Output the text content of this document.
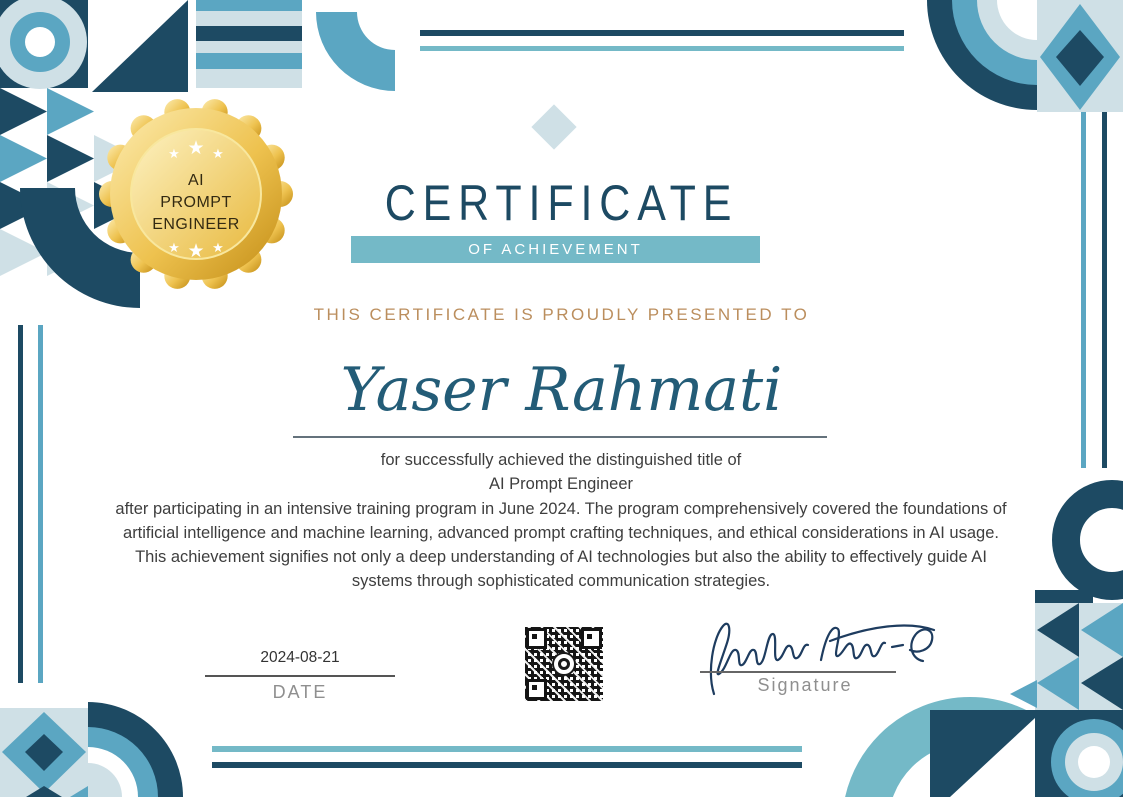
★ ★ ★
AI
PROMPT
ENGINEER
★ ★ ★
CERTIFICATE
OF ACHIEVEMENT
THIS CERTIFICATE IS PROUDLY PRESENTED TO
Yaser Rahmati

for successfully achieved the distinguished title of

AI Prompt Engineer

after participating in an intensive training program in June 2024. The program comprehensively covered the foundations of artificial intelligence and machine learning, advanced prompt crafting techniques, and ethical considerations in AI usage. This achievement signifies not only a deep understanding of AI technologies but also the ability to effectively guide AI systems through sophisticated communication strategies.

2024-08-21
DATE	Signature
